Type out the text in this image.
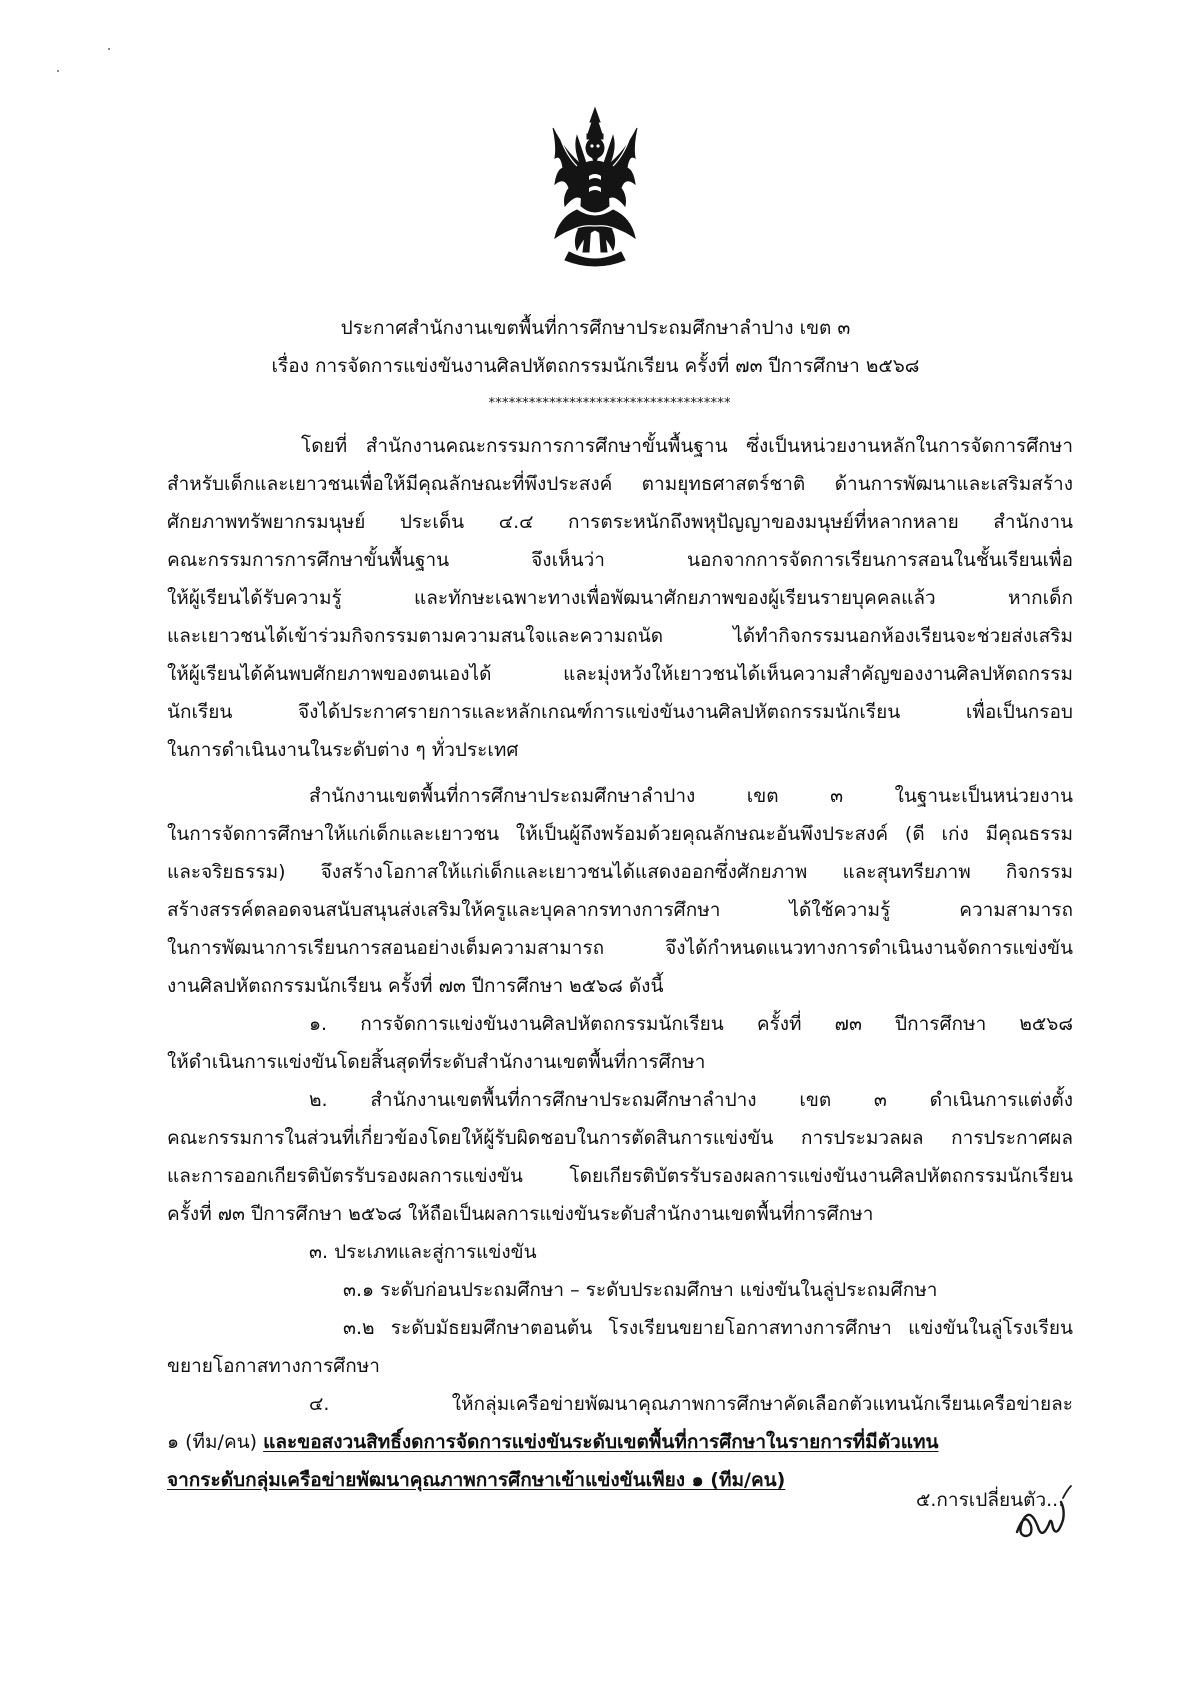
ประกาศสำนักงานเขตพื้นที่การศึกษาประถมศึกษาลำปาง เขต ๓
เรื่อง การจัดการแข่งขันงานศิลปหัตถกรรมนักเรียน ครั้งที่ ๗๓ ปีการศึกษา ๒๕๖๘
************************************
โดยที่ สำนักงานคณะกรรมการการศึกษาขั้นพื้นฐาน ซึ่งเป็นหน่วยงานหลักในการจัดการศึกษา
สำหรับเด็กและเยาวชนเพื่อให้มีคุณลักษณะที่พึงประสงค์ ตามยุทธศาสตร์ชาติ ด้านการพัฒนาและเสริมสร้าง
ศักยภาพทรัพยากรมนุษย์ ประเด็น ๔.๔ การตระหนักถึงพหุปัญญาของมนุษย์ที่หลากหลาย สำนักงาน
คณะกรรมการการศึกษาขั้นพื้นฐาน จึงเห็นว่า นอกจากการจัดการเรียนการสอนในชั้นเรียนเพื่อ
ให้ผู้เรียนได้รับความรู้ และทักษะเฉพาะทางเพื่อพัฒนาศักยภาพของผู้เรียนรายบุคคลแล้ว หากเด็ก
และเยาวชนได้เข้าร่วมกิจกรรมตามความสนใจและความถนัด ได้ทำกิจกรรมนอกห้องเรียนจะช่วยส่งเสริม
ให้ผู้เรียนได้ค้นพบศักยภาพของตนเองได้ และมุ่งหวังให้เยาวชนได้เห็นความสำคัญของงานศิลปหัตถกรรม
นักเรียน จึงได้ประกาศรายการและหลักเกณฑ์การแข่งขันงานศิลปหัตถกรรมนักเรียน เพื่อเป็นกรอบ
ในการดำเนินงานในระดับต่าง ๆ ทั่วประเทศ
สำนักงานเขตพื้นที่การศึกษาประถมศึกษาลำปาง เขต ๓ ในฐานะเป็นหน่วยงาน
ในการจัดการศึกษาให้แก่เด็กและเยาวชน ให้เป็นผู้ถึงพร้อมด้วยคุณลักษณะอันพึงประสงค์ (ดี เก่ง มีคุณธรรม
และจริยธรรม) จึงสร้างโอกาสให้แก่เด็กและเยาวชนได้แสดงออกซึ่งศักยภาพ และสุนทรียภาพ กิจกรรม
สร้างสรรค์ตลอดจนสนับสนุนส่งเสริมให้ครูและบุคลากรทางการศึกษา ได้ใช้ความรู้ ความสามารถ
ในการพัฒนาการเรียนการสอนอย่างเต็มความสามารถ จึงได้กำหนดแนวทางการดำเนินงานจัดการแข่งขัน
งานศิลปหัตถกรรมนักเรียน ครั้งที่ ๗๓ ปีการศึกษา ๒๕๖๘ ดังนี้
๑. การจัดการแข่งขันงานศิลปหัตถกรรมนักเรียน ครั้งที่ ๗๓ ปีการศึกษา ๒๕๖๘
ให้ดำเนินการแข่งขันโดยสิ้นสุดที่ระดับสำนักงานเขตพื้นที่การศึกษา
๒. สำนักงานเขตพื้นที่การศึกษาประถมศึกษาลำปาง เขต ๓ ดำเนินการแต่งตั้ง
คณะกรรมการในส่วนที่เกี่ยวข้องโดยให้ผู้รับผิดชอบในการตัดสินการแข่งขัน การประมวลผล การประกาศผล
และการออกเกียรติบัตรรับรองผลการแข่งขัน โดยเกียรติบัตรรับรองผลการแข่งขันงานศิลปหัตถกรรมนักเรียน
ครั้งที่ ๗๓ ปีการศึกษา ๒๕๖๘ ให้ถือเป็นผลการแข่งขันระดับสำนักงานเขตพื้นที่การศึกษา
๓. ประเภทและสู่การแข่งขัน
๓.๑ ระดับก่อนประถมศึกษา – ระดับประถมศึกษา แข่งขันในลู่ประถมศึกษา
๓.๒ ระดับมัธยมศึกษาตอนต้น โรงเรียนขยายโอกาสทางการศึกษา แข่งขันในลู่โรงเรียน
ขยายโอกาสทางการศึกษา
๔. ให้กลุ่มเครือข่ายพัฒนาคุณภาพการศึกษาคัดเลือกตัวแทนนักเรียนเครือข่ายละ
๑ (ทีม/คน) และขอสงวนสิทธิ์งดการจัดการแข่งขันระดับเขตพื้นที่การศึกษาในรายการที่มีตัวแทน
จากระดับกลุ่มเครือข่ายพัฒนาคุณภาพการศึกษาเข้าแข่งขันเพียง ๑ (ทีม/คน)
๕.การเปลี่ยนตัว...
